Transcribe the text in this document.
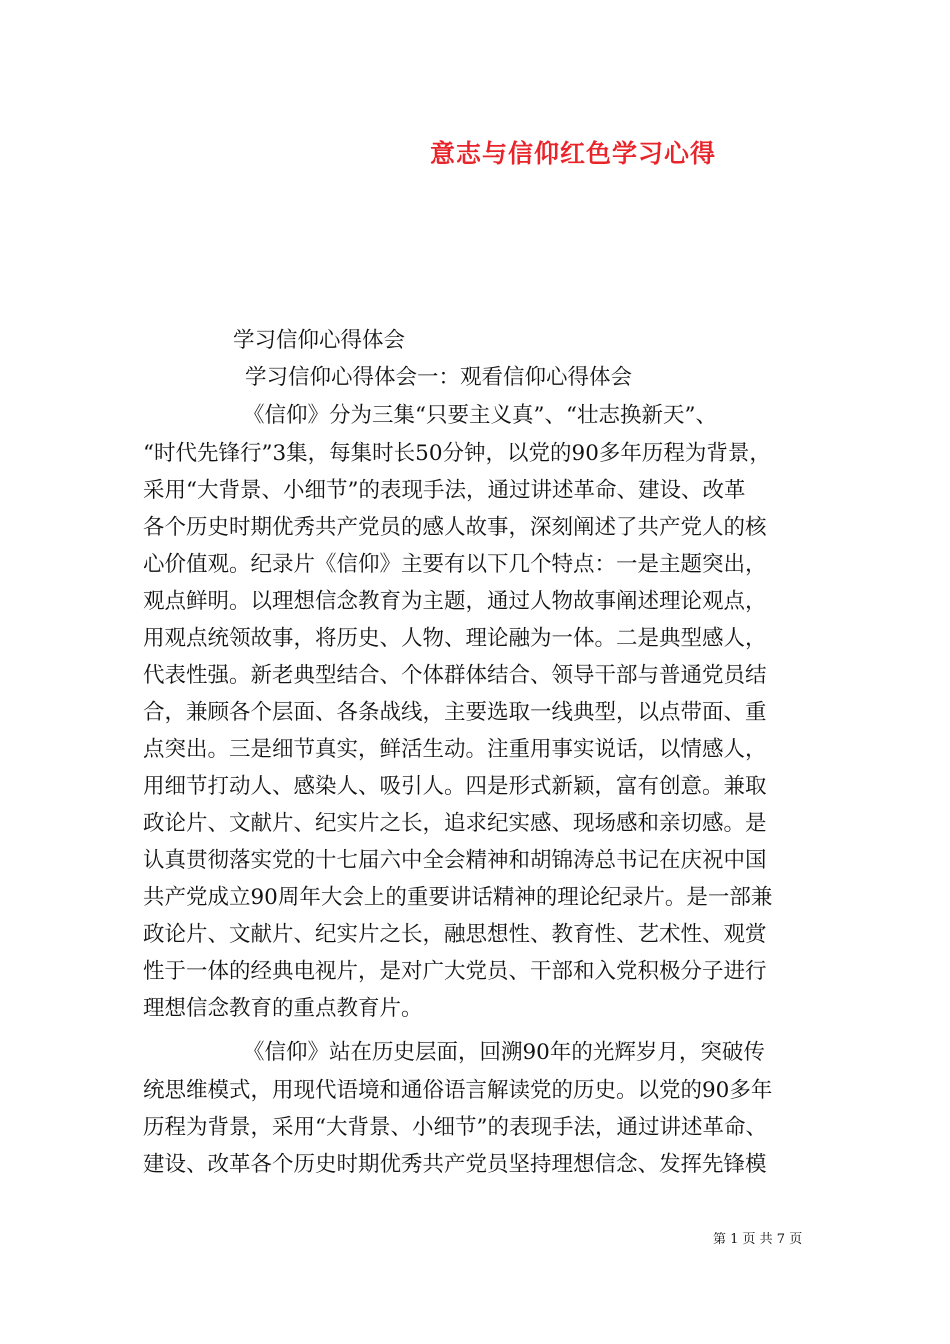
意志与信仰红色学习心得
学习信仰心得体会
学习信仰心得体会一：观看信仰心得体会
《信仰》分为三集“只要主义真”、“壮志换新天”、
“时代先锋行”3集，每集时长50分钟，以党的90多年历程为背景，
采用“大背景、小细节”的表现手法，通过讲述革命、建设、改革
各个历史时期优秀共产党员的感人故事，深刻阐述了共产党人的核
心价值观。纪录片《信仰》主要有以下几个特点：一是主题突出，
观点鲜明。以理想信念教育为主题，通过人物故事阐述理论观点，
用观点统领故事，将历史、人物、理论融为一体。二是典型感人，
代表性强。新老典型结合、个体群体结合、领导干部与普通党员结
合，兼顾各个层面、各条战线，主要选取一线典型，以点带面、重
点突出。三是细节真实，鲜活生动。注重用事实说话，以情感人，
用细节打动人、感染人、吸引人。四是形式新颖，富有创意。兼取
政论片、文献片、纪实片之长，追求纪实感、现场感和亲切感。是
认真贯彻落实党的十七届六中全会精神和胡锦涛总书记在庆祝中国
共产党成立90周年大会上的重要讲话精神的理论纪录片。是一部兼
政论片、文献片、纪实片之长，融思想性、教育性、艺术性、观赏
性于一体的经典电视片，是对广大党员、干部和入党积极分子进行
理想信念教育的重点教育片。
《信仰》站在历史层面，回溯90年的光辉岁月，突破传
统思维模式，用现代语境和通俗语言解读党的历史。以党的90多年
历程为背景，采用“大背景、小细节”的表现手法，通过讲述革命、
建设、改革各个历史时期优秀共产党员坚持理想信念、发挥先锋模
第 1 页 共 7 页
